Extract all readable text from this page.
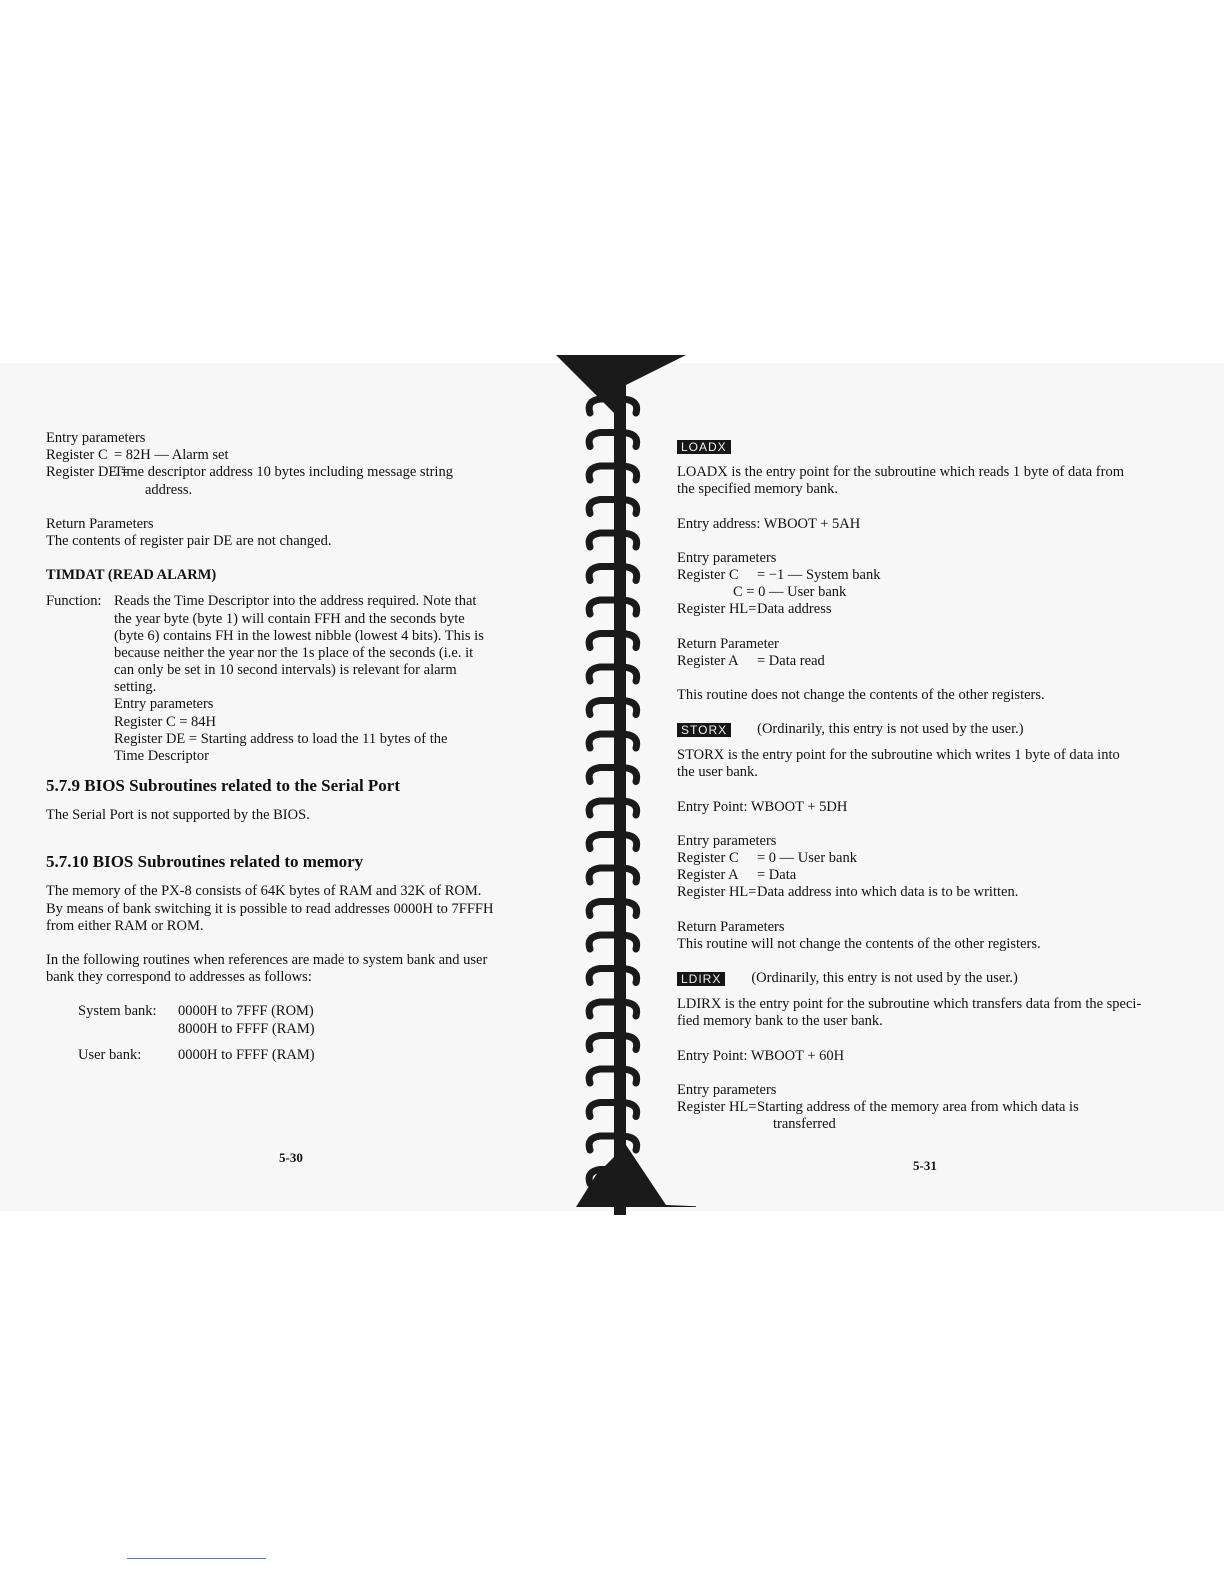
Entry parameters
Register C = 82H — Alarm set
Register DE =Time descriptor address 10 bytes including message string
address.
Return Parameters
The contents of register pair DE are not changed.
TIMDAT (READ ALARM)
Function: Reads the Time Descriptor into the address required. Note that
the year byte (byte 1) will contain FFH and the seconds byte
(byte 6) contains FH in the lowest nibble (lowest 4 bits). This is
because neither the year nor the 1s place of the seconds (i.e. it
can only be set in 10 second intervals) is relevant for alarm
setting.
Entry parameters
Register C = 84H
Register DE = Starting address to load the 11 bytes of the
Time Descriptor
5.7.9 BIOS Subroutines related to the Serial Port
The Serial Port is not supported by the BIOS.
5.7.10 BIOS Subroutines related to memory
The memory of the PX-8 consists of 64K bytes of RAM and 32K of ROM.
By means of bank switching it is possible to read addresses 0000H to 7FFFH
from either RAM or ROM.
In the following routines when references are made to system bank and user
bank they correspond to addresses as follows:
System bank: 0000H to 7FFF (ROM)
8000H to FFFF (RAM)
User bank:	0000H to FFFF (RAM)
5-30
LOADX
LOADX is the entry point for the subroutine which reads 1 byte of data from
the specified memory bank.
Entry address: WBOOT + 5AH
Entry parameters
Register C = −1 — System bank
C = 0 — User bank
Register HL=Data address
Return Parameter
Register A = Data read
This routine does not change the contents of the other registers.
STORX (Ordinarily, this entry is not used by the user.)
STORX is the entry point for the subroutine which writes 1 byte of data into
the user bank.
Entry Point: WBOOT + 5DH
Entry parameters
Register C = 0 — User bank
Register A = Data
Register HL=Data address into which data is to be written.
Return Parameters
This routine will not change the contents of the other registers.
LDIRX (Ordinarily, this entry is not used by the user.)
LDIRX is the entry point for the subroutine which transfers data from the speci-
fied memory bank to the user bank.
Entry Point: WBOOT + 60H
Entry parameters
Register HL=Starting address of the memory area from which data is
transferred
5-31
